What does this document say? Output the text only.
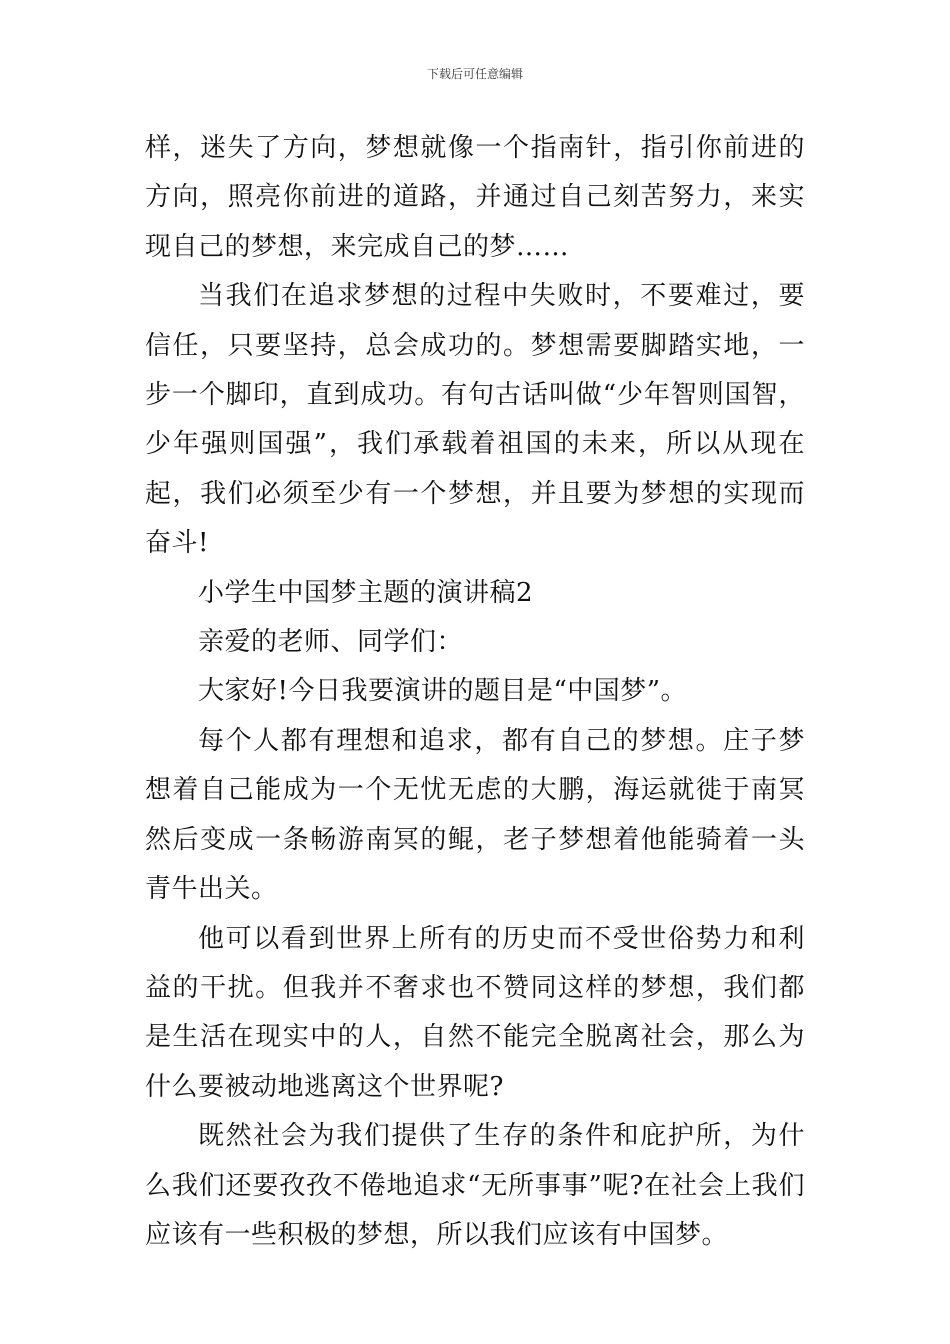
下载后可任意编辑

样，迷失了方向，梦想就像一个指南针，指引你前进的方向，照亮你前进的道路，并通过自己刻苦努力，来实现自己的梦想，来完成自己的梦……

当我们在追求梦想的过程中失败时，不要难过，要信任，只要坚持，总会成功的。梦想需要脚踏实地，一步一个脚印，直到成功。有句古话叫做“少年智则国智，少年强则国强”，我们承载着祖国的未来，所以从现在起，我们必须至少有一个梦想，并且要为梦想的实现而奋斗!

小学生中国梦主题的演讲稿2

亲爱的老师、同学们：

大家好!今日我要演讲的题目是“中国梦”。

每个人都有理想和追求，都有自己的梦想。庄子梦想着自己能成为一个无忧无虑的大鹏，海运就徙于南冥然后变成一条畅游南冥的鲲，老子梦想着他能骑着一头青牛出关。

他可以看到世界上所有的历史而不受世俗势力和利益的干扰。但我并不奢求也不赞同这样的梦想，我们都是生活在现实中的人，自然不能完全脱离社会，那么为什么要被动地逃离这个世界呢?

既然社会为我们提供了生存的条件和庇护所，为什么我们还要孜孜不倦地追求“无所事事”呢?在社会上我们应该有一些积极的梦想，所以我们应该有中国梦。
